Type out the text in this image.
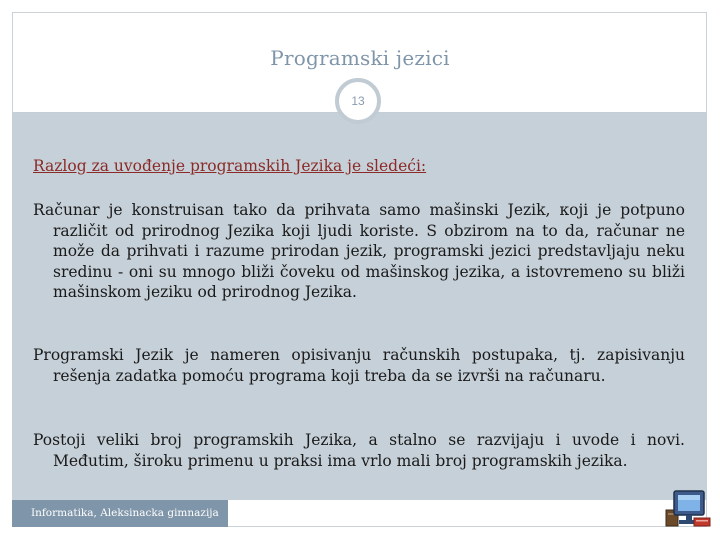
Programski jezici
13
Razlog za uvođenje programskih Jezika je sledeći:
Računar je konstruisan tako da prihvata samo mašinski Jezik, кoji je potpuno različit od prirodnog Jezika koji ljudi koriste. S obzirom na to da, računar ne može da prihvati i razume prirodan jezik, programski jezici predstavljaju neku sredinu - oni su mnogo bliži čoveku od mašinskog jezika, a istovremeno su bliži mašinskom jeziku od prirodnog Jezika.
Programski Jezik je nameren opisivanju računskih postupaka, tj. zapisivanju rešenja zadatka pomoću programa koji treba da se izvrši na računaru.
Postoji veliki broj programskih Jezika, a stalno se razvijaju i uvode i novi. Međutim, široku primenu u praksi ima vrlo mali broj programskih jezika.
Informatika, Aleksinacka gimnazija
